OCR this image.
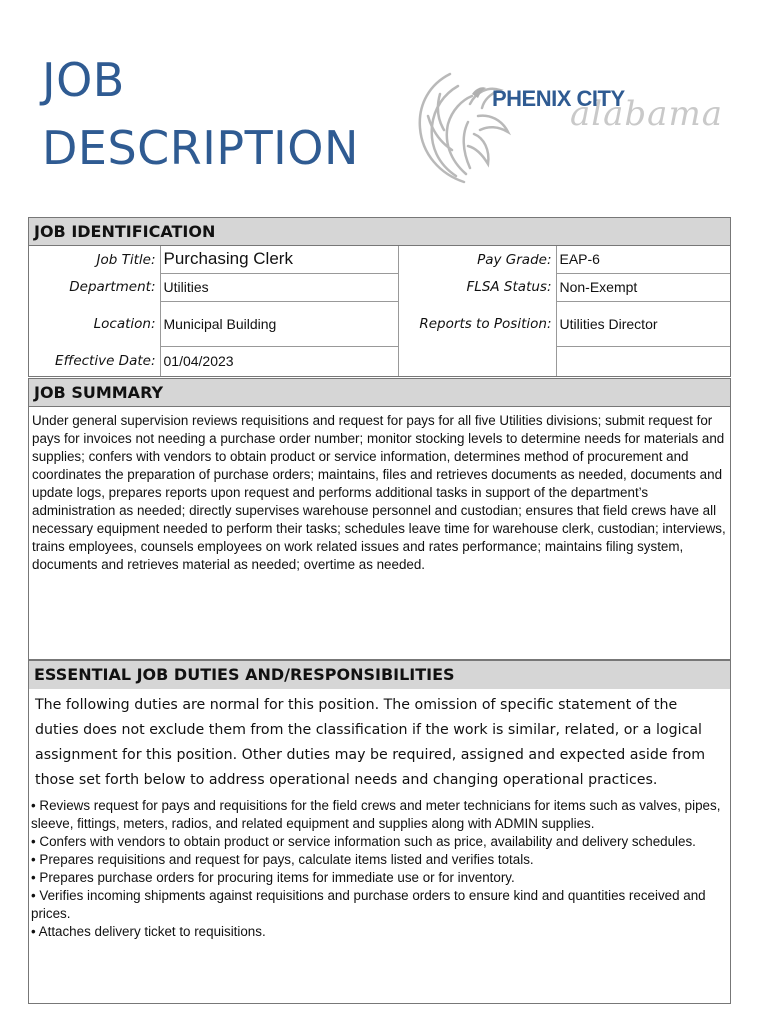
JOB
DESCRIPTION
alabama
PHENIX CITY
JOB IDENTIFICATION
Job Title:	Purchasing Clerk	Pay Grade:	EAP-6
Department:	Utilities	FLSA Status:	Non-Exempt
Location:	Municipal Building	Reports to Position:	Utilities Director
Effective Date:	01/04/2023		
JOB SUMMARY
Under general supervision reviews requisitions and request for pays for all five Utilities divisions; submit request for pays for invoices not needing a purchase order number; monitor stocking levels to determine needs for materials and supplies; confers with vendors to obtain product or service information, determines method of procurement and coordinates the preparation of purchase orders; maintains, files and retrieves documents as needed, documents and update logs, prepares reports upon request and performs additional tasks in support of the department’s administration as needed; directly supervises warehouse personnel and custodian; ensures that field crews have all necessary equipment needed to perform their tasks; schedules leave time for warehouse clerk, custodian; interviews, trains employees, counsels employees on work related issues and rates performance; maintains filing system, documents and retrieves material as needed; overtime as needed.
ESSENTIAL JOB DUTIES AND/RESPONSIBILITIES

The following duties are normal for this position. The omission of specific statement of the duties does not exclude them from the classification if the work is similar, related, or a logical assignment for this position. Other duties may be required, assigned and expected aside from those set forth below to address operational needs and changing operational practices.

• Reviews request for pays and requisitions for the field crews and meter technicians for items such as valves, pipes, sleeve, fittings, meters, radios, and related equipment and supplies along with ADMIN supplies.
• Confers with vendors to obtain product or service information such as price, availability and delivery schedules.
• Prepares requisitions and request for pays, calculate items listed and verifies totals.
• Prepares purchase orders for procuring items for immediate use or for inventory.
• Verifies incoming shipments against requisitions and purchase orders to ensure kind and quantities received and prices.
• Attaches delivery ticket to requisitions.
